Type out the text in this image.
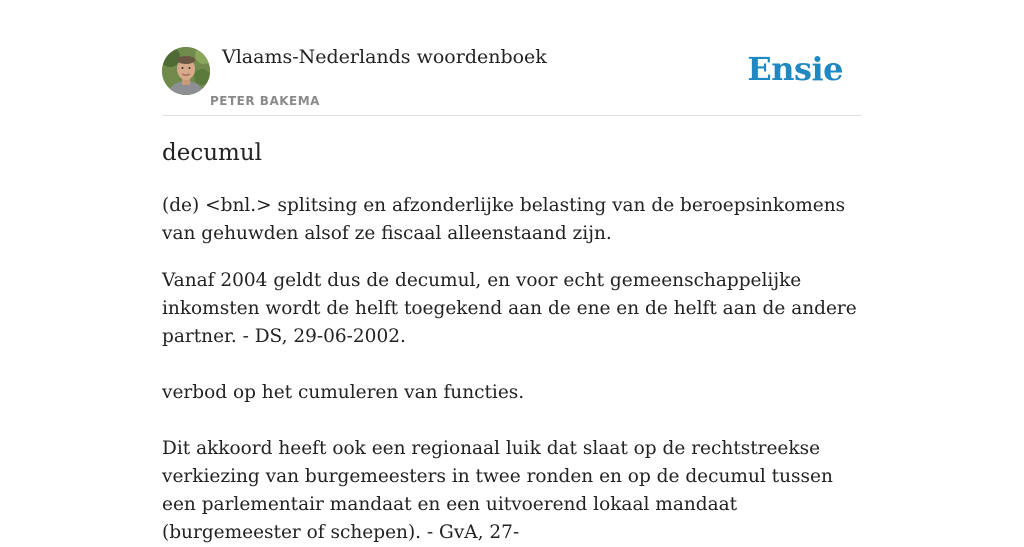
Vlaams-Nederlands woordenboek
PETER BAKEMA
Ensie
decumul
(de) <bnl.> splitsing en afzonderlijke belasting van de beroepsinkomens van gehuwden alsof ze fiscaal alleenstaand zijn.
Vanaf 2004 geldt dus de decumul, en voor echt gemeenschappelijke inkomsten wordt de helft toegekend aan de ene en de helft aan de andere partner. - DS, 29-06-2002.
verbod op het cumuleren van functies.
Dit akkoord heeft ook een regionaal luik dat slaat op de rechtstreekse verkiezing van burgemeesters in twee ronden en op de decumul tussen een parlementair mandaat en een uitvoerend lokaal mandaat (burgemeester of schepen). - GvA, 27-
